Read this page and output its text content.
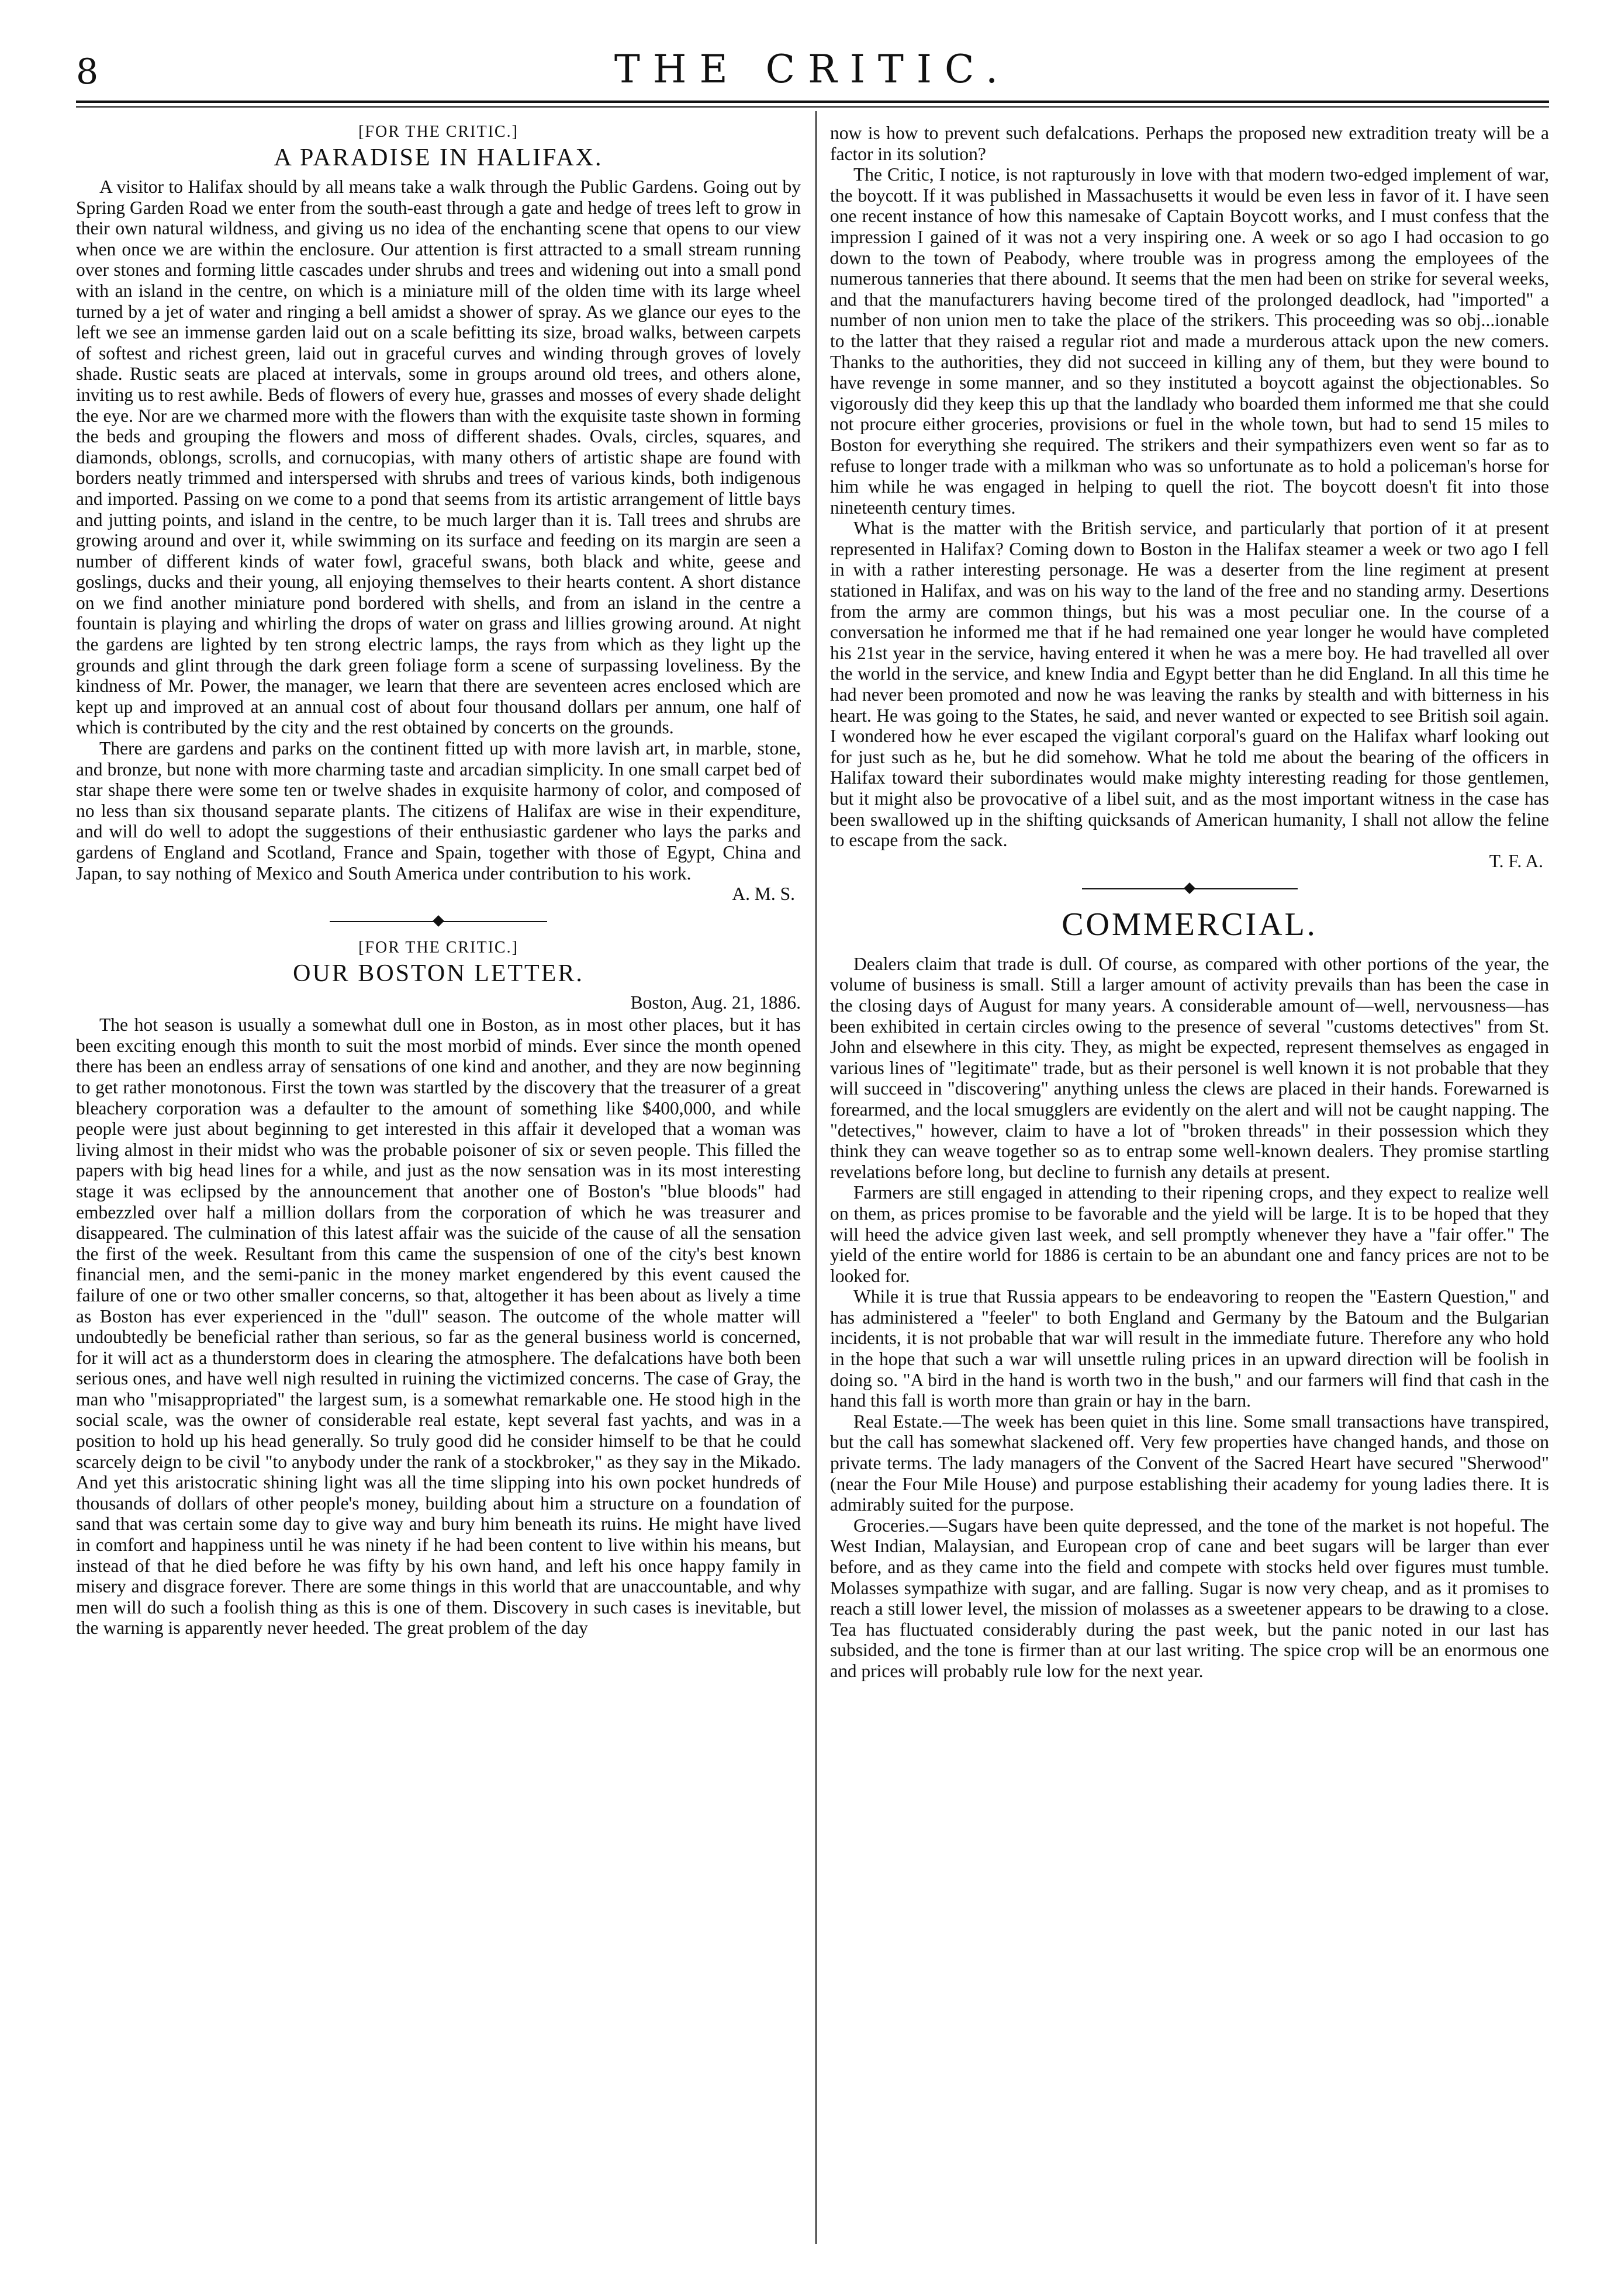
8	THE CRITIC.
[FOR THE CRITIC.]
A PARADISE IN HALIFAX.

A visitor to Halifax should by all means take a walk through the Public Gardens. Going out by Spring Garden Road we enter from the south-east through a gate and hedge of trees left to grow in their own natural wildness, and giving us no idea of the enchanting scene that opens to our view when once we are within the enclosure. Our attention is first attracted to a small stream running over stones and forming little cascades under shrubs and trees and widening out into a small pond with an island in the centre, on which is a miniature mill of the olden time with its large wheel turned by a jet of water and ringing a bell amidst a shower of spray. As we glance our eyes to the left we see an immense garden laid out on a scale befitting its size, broad walks, between carpets of softest and richest green, laid out in graceful curves and winding through groves of lovely shade. Rustic seats are placed at intervals, some in groups around old trees, and others alone, inviting us to rest awhile. Beds of flowers of every hue, grasses and mosses of every shade delight the eye. Nor are we charmed more with the flowers than with the exquisite taste shown in forming the beds and grouping the flowers and moss of different shades. Ovals, circles, squares, and diamonds, oblongs, scrolls, and cornucopias, with many others of artistic shape are found with borders neatly trimmed and interspersed with shrubs and trees of various kinds, both indigenous and imported. Passing on we come to a pond that seems from its artistic arrangement of little bays and jutting points, and island in the centre, to be much larger than it is. Tall trees and shrubs are growing around and over it, while swimming on its surface and feeding on its margin are seen a number of different kinds of water fowl, graceful swans, both black and white, geese and goslings, ducks and their young, all enjoying themselves to their hearts content. A short distance on we find another miniature pond bordered with shells, and from an island in the centre a fountain is playing and whirling the drops of water on grass and lillies growing around. At night the gardens are lighted by ten strong electric lamps, the rays from which as they light up the grounds and glint through the dark green foliage form a scene of surpassing loveliness. By the kindness of Mr. Power, the manager, we learn that there are seventeen acres enclosed which are kept up and improved at an annual cost of about four thousand dollars per annum, one half of which is contributed by the city and the rest obtained by concerts on the grounds.

There are gardens and parks on the continent fitted up with more lavish art, in marble, stone, and bronze, but none with more charming taste and arcadian simplicity. In one small carpet bed of star shape there were some ten or twelve shades in exquisite harmony of color, and composed of no less than six thousand separate plants. The citizens of Halifax are wise in their expenditure, and will do well to adopt the suggestions of their enthusiastic gardener who lays the parks and gardens of England and Scotland, France and Spain, together with those of Egypt, China and Japan, to say nothing of Mexico and South America under contribution to his work.

A. M. S.

[FOR THE CRITIC.]
OUR BOSTON LETTER.

Boston, Aug. 21, 1886.

The hot season is usually a somewhat dull one in Boston, as in most other places, but it has been exciting enough this month to suit the most morbid of minds. Ever since the month opened there has been an endless array of sensations of one kind and another, and they are now beginning to get rather monotonous. First the town was startled by the discovery that the treasurer of a great bleachery corporation was a defaulter to the amount of something like $400,000, and while people were just about beginning to get interested in this affair it developed that a woman was living almost in their midst who was the probable poisoner of six or seven people. This filled the papers with big head lines for a while, and just as the now sensation was in its most interesting stage it was eclipsed by the announcement that another one of Boston's "blue bloods" had embezzled over half a million dollars from the corporation of which he was treasurer and disappeared. The culmination of this latest affair was the suicide of the cause of all the sensation the first of the week. Resultant from this came the suspension of one of the city's best known financial men, and the semi-panic in the money market engendered by this event caused the failure of one or two other smaller concerns, so that, altogether it has been about as lively a time as Boston has ever experienced in the "dull" season. The outcome of the whole matter will undoubtedly be beneficial rather than serious, so far as the general business world is concerned, for it will act as a thunderstorm does in clearing the atmosphere. The defalcations have both been serious ones, and have well nigh resulted in ruining the victimized concerns. The case of Gray, the man who "misappropriated" the largest sum, is a somewhat remarkable one. He stood high in the social scale, was the owner of considerable real estate, kept several fast yachts, and was in a position to hold up his head generally. So truly good did he consider himself to be that he could scarcely deign to be civil "to anybody under the rank of a stockbroker," as they say in the Mikado. And yet this aristocratic shining light was all the time slipping into his own pocket hundreds of thousands of dollars of other people's money, building about him a structure on a foundation of sand that was certain some day to give way and bury him beneath its ruins. He might have lived in comfort and happiness until he was ninety if he had been content to live within his means, but instead of that he died before he was fifty by his own hand, and left his once happy family in misery and disgrace forever. There are some things in this world that are unaccountable, and why men will do such a foolish thing as this is one of them. Discovery in such cases is inevitable, but the warning is apparently never heeded. The great problem of the day

now is how to prevent such defalcations. Perhaps the proposed new extradition treaty will be a factor in its solution?

The Critic, I notice, is not rapturously in love with that modern two-edged implement of war, the boycott. If it was published in Massachusetts it would be even less in favor of it. I have seen one recent instance of how this namesake of Captain Boycott works, and I must confess that the impression I gained of it was not a very inspiring one. A week or so ago I had occasion to go down to the town of Peabody, where trouble was in progress among the employees of the numerous tanneries that there abound. It seems that the men had been on strike for several weeks, and that the manufacturers having become tired of the prolonged deadlock, had "imported" a number of non union men to take the place of the strikers. This proceeding was so obj...ionable to the latter that they raised a regular riot and made a murderous attack upon the new comers. Thanks to the authorities, they did not succeed in killing any of them, but they were bound to have revenge in some manner, and so they instituted a boycott against the objectionables. So vigorously did they keep this up that the landlady who boarded them informed me that she could not procure either groceries, provisions or fuel in the whole town, but had to send 15 miles to Boston for everything she required. The strikers and their sympathizers even went so far as to refuse to longer trade with a milkman who was so unfortunate as to hold a policeman's horse for him while he was engaged in helping to quell the riot. The boycott doesn't fit into those nineteenth century times.

What is the matter with the British service, and particularly that portion of it at present represented in Halifax? Coming down to Boston in the Halifax steamer a week or two ago I fell in with a rather interesting personage. He was a deserter from the line regiment at present stationed in Halifax, and was on his way to the land of the free and no standing army. Desertions from the army are common things, but his was a most peculiar one. In the course of a conversation he informed me that if he had remained one year longer he would have completed his 21st year in the service, having entered it when he was a mere boy. He had travelled all over the world in the service, and knew India and Egypt better than he did England. In all this time he had never been promoted and now he was leaving the ranks by stealth and with bitterness in his heart. He was going to the States, he said, and never wanted or expected to see British soil again. I wondered how he ever escaped the vigilant corporal's guard on the Halifax wharf looking out for just such as he, but he did somehow. What he told me about the bearing of the officers in Halifax toward their subordinates would make mighty interesting reading for those gentlemen, but it might also be provocative of a libel suit, and as the most important witness in the case has been swallowed up in the shifting quicksands of American humanity, I shall not allow the feline to escape from the sack.

T. F. A.

COMMERCIAL.

Dealers claim that trade is dull. Of course, as compared with other portions of the year, the volume of business is small. Still a larger amount of activity prevails than has been the case in the closing days of August for many years. A considerable amount of—well, nervousness—has been exhibited in certain circles owing to the presence of several "customs detectives" from St. John and elsewhere in this city. They, as might be expected, represent themselves as engaged in various lines of "legitimate" trade, but as their personel is well known it is not probable that they will succeed in "discovering" anything unless the clews are placed in their hands. Forewarned is forearmed, and the local smugglers are evidently on the alert and will not be caught napping. The "detectives," however, claim to have a lot of "broken threads" in their possession which they think they can weave together so as to entrap some well-known dealers. They promise startling revelations before long, but decline to furnish any details at present.

Farmers are still engaged in attending to their ripening crops, and they expect to realize well on them, as prices promise to be favorable and the yield will be large. It is to be hoped that they will heed the advice given last week, and sell promptly whenever they have a "fair offer." The yield of the entire world for 1886 is certain to be an abundant one and fancy prices are not to be looked for.

While it is true that Russia appears to be endeavoring to reopen the "Eastern Question," and has administered a "feeler" to both England and Germany by the Batoum and the Bulgarian incidents, it is not probable that war will result in the immediate future. Therefore any who hold in the hope that such a war will unsettle ruling prices in an upward direction will be foolish in doing so. "A bird in the hand is worth two in the bush," and our farmers will find that cash in the hand this fall is worth more than grain or hay in the barn.

Real Estate.—The week has been quiet in this line. Some small transactions have transpired, but the call has somewhat slackened off. Very few properties have changed hands, and those on private terms. The lady managers of the Convent of the Sacred Heart have secured "Sherwood" (near the Four Mile House) and purpose establishing their academy for young ladies there. It is admirably suited for the purpose.

Groceries.—Sugars have been quite depressed, and the tone of the market is not hopeful. The West Indian, Malaysian, and European crop of cane and beet sugars will be larger than ever before, and as they came into the field and compete with stocks held over figures must tumble. Molasses sympathize with sugar, and are falling. Sugar is now very cheap, and as it promises to reach a still lower level, the mission of molasses as a sweetener appears to be drawing to a close. Tea has fluctuated considerably during the past week, but the panic noted in our last has subsided, and the tone is firmer than at our last writing. The spice crop will be an enormous one and prices will probably rule low for the next year.
